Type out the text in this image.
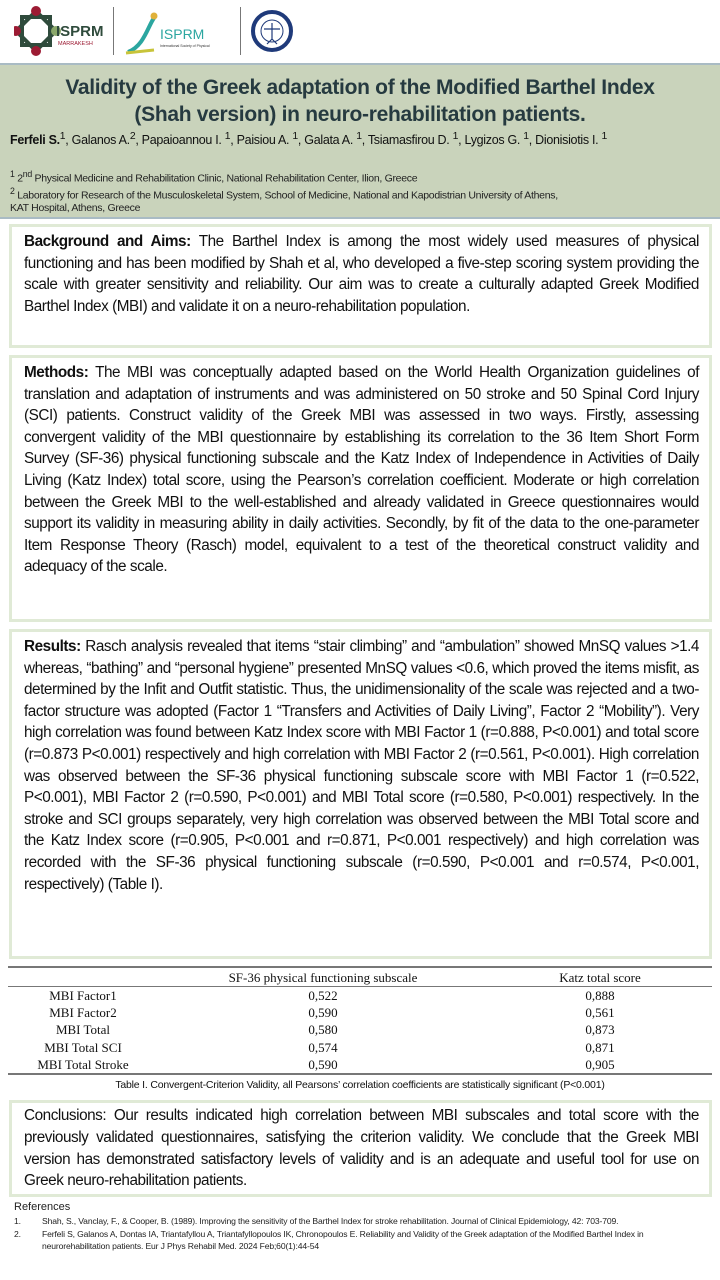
ISPRM
MARRAKESH
ISPRM
International Society of Physical
Validity of the Greek adaptation of the Modified Barthel Index
(Shah version) in neuro-rehabilitation patients.
Ferfeli S.$^1$, Galanos A.$^2$, Papaioannou I. $^1$, Paisiou A. $^1$, Galata A. $^1$, Tsiamasfirou D. $^1$, Lygizos G. $^1$, Dionisiotis I. $^1$
$^1$ 2nd Physical Medicine and Rehabilitation Clinic, National Rehabilitation Center, Ilion, Greece
$^2$ Laboratory for Research of the Musculoskeletal System, School of Medicine, National and Kapodistrian University of Athens,
KAT Hospital, Athens, Greece
Background and Aims: The Barthel Index is among the most widely used measures of physical functioning and has been modified by Shah et al, who developed a five-step scoring system providing the scale with greater sensitivity and reliability. Our aim was to create a culturally adapted Greek Modified Barthel Index (MBI) and validate it on a neuro-rehabilitation population.
Methods: The MBI was conceptually adapted based on the World Health Organization guidelines of translation and adaptation of instruments and was administered on 50 stroke and 50 Spinal Cord Injury (SCI) patients. Construct validity of the Greek MBI was assessed in two ways. Firstly, assessing convergent validity of the MBI questionnaire by establishing its correlation to the 36 Item Short Form Survey (SF-36) physical functioning subscale and the Katz Index of Independence in Activities of Daily Living (Katz Index) total score, using the Pearson’s correlation coefficient. Moderate or high correlation between the Greek MBI to the well-established and already validated in Greece questionnaires would support its validity in measuring ability in daily activities. Secondly, by fit of the data to the one-parameter Item Response Theory (Rasch) model, equivalent to a test of the theoretical construct validity and adequacy of the scale.
Results: Rasch analysis revealed that items “stair climbing” and “ambulation” showed MnSQ values >1.4 whereas, “bathing” and “personal hygiene” presented MnSQ values <0.6, which proved the items misfit, as determined by the Infit and Outfit statistic. Thus, the unidimensionality of the scale was rejected and a two-factor structure was adopted (Factor 1 “Transfers and Activities of Daily Living”, Factor 2 “Mobility”). Very high correlation was found between Katz Index score with MBI Factor 1 (r=0.888, P<0.001) and total score (r=0.873 P<0.001) respectively and high correlation with MBI Factor 2 (r=0.561, P<0.001). High correlation was observed between the SF-36 physical functioning subscale score with MBI Factor 1 (r=0.522, P<0.001), MBI Factor 2 (r=0.590, P<0.001) and MBI Total score (r=0.580, P<0.001) respectively. In the stroke and SCI groups separately, very high correlation was observed between the MBI Total score and the Katz Index score (r=0.905, P<0.001 and r=0.871, P<0.001 respectively) and high correlation was recorded with the SF-36 physical functioning subscale (r=0.590, P<0.001 and r=0.574, P<0.001, respectively) (Table I).
	SF-36 physical functioning subscale	Katz total score
MBI Factor1	0,522	0,888
MBI Factor2	0,590	0,561
MBI Total	0,580	0,873
MBI Total SCI	0,574	0,871
MBI Total Stroke	0,590	0,905
Table I. Convergent-Criterion Validity, all Pearsons’ correlation coefficients are statistically significant (P<0.001)
Conclusions: Our results indicated high correlation between MBI subscales and total score with the previously validated questionnaires, satisfying the criterion validity. We conclude that the Greek MBI version has demonstrated satisfactory levels of validity and is an adequate and useful tool for use on Greek neuro-rehabilitation patients.
References
1. Shah, S., Vanclay, F., & Cooper, B. (1989). Improving the sensitivity of the Barthel Index for stroke rehabilitation. Journal of Clinical Epidemiology, 42: 703-709.
2. Ferfeli S, Galanos A, Dontas IA, Triantafyllou A, Triantafyllopoulos IK, Chronopoulos E. Reliability and Validity of the Greek adaptation of the Modified Barthel Index in neurorehabilitation patients. Eur J Phys Rehabil Med. 2024 Feb;60(1):44-54
